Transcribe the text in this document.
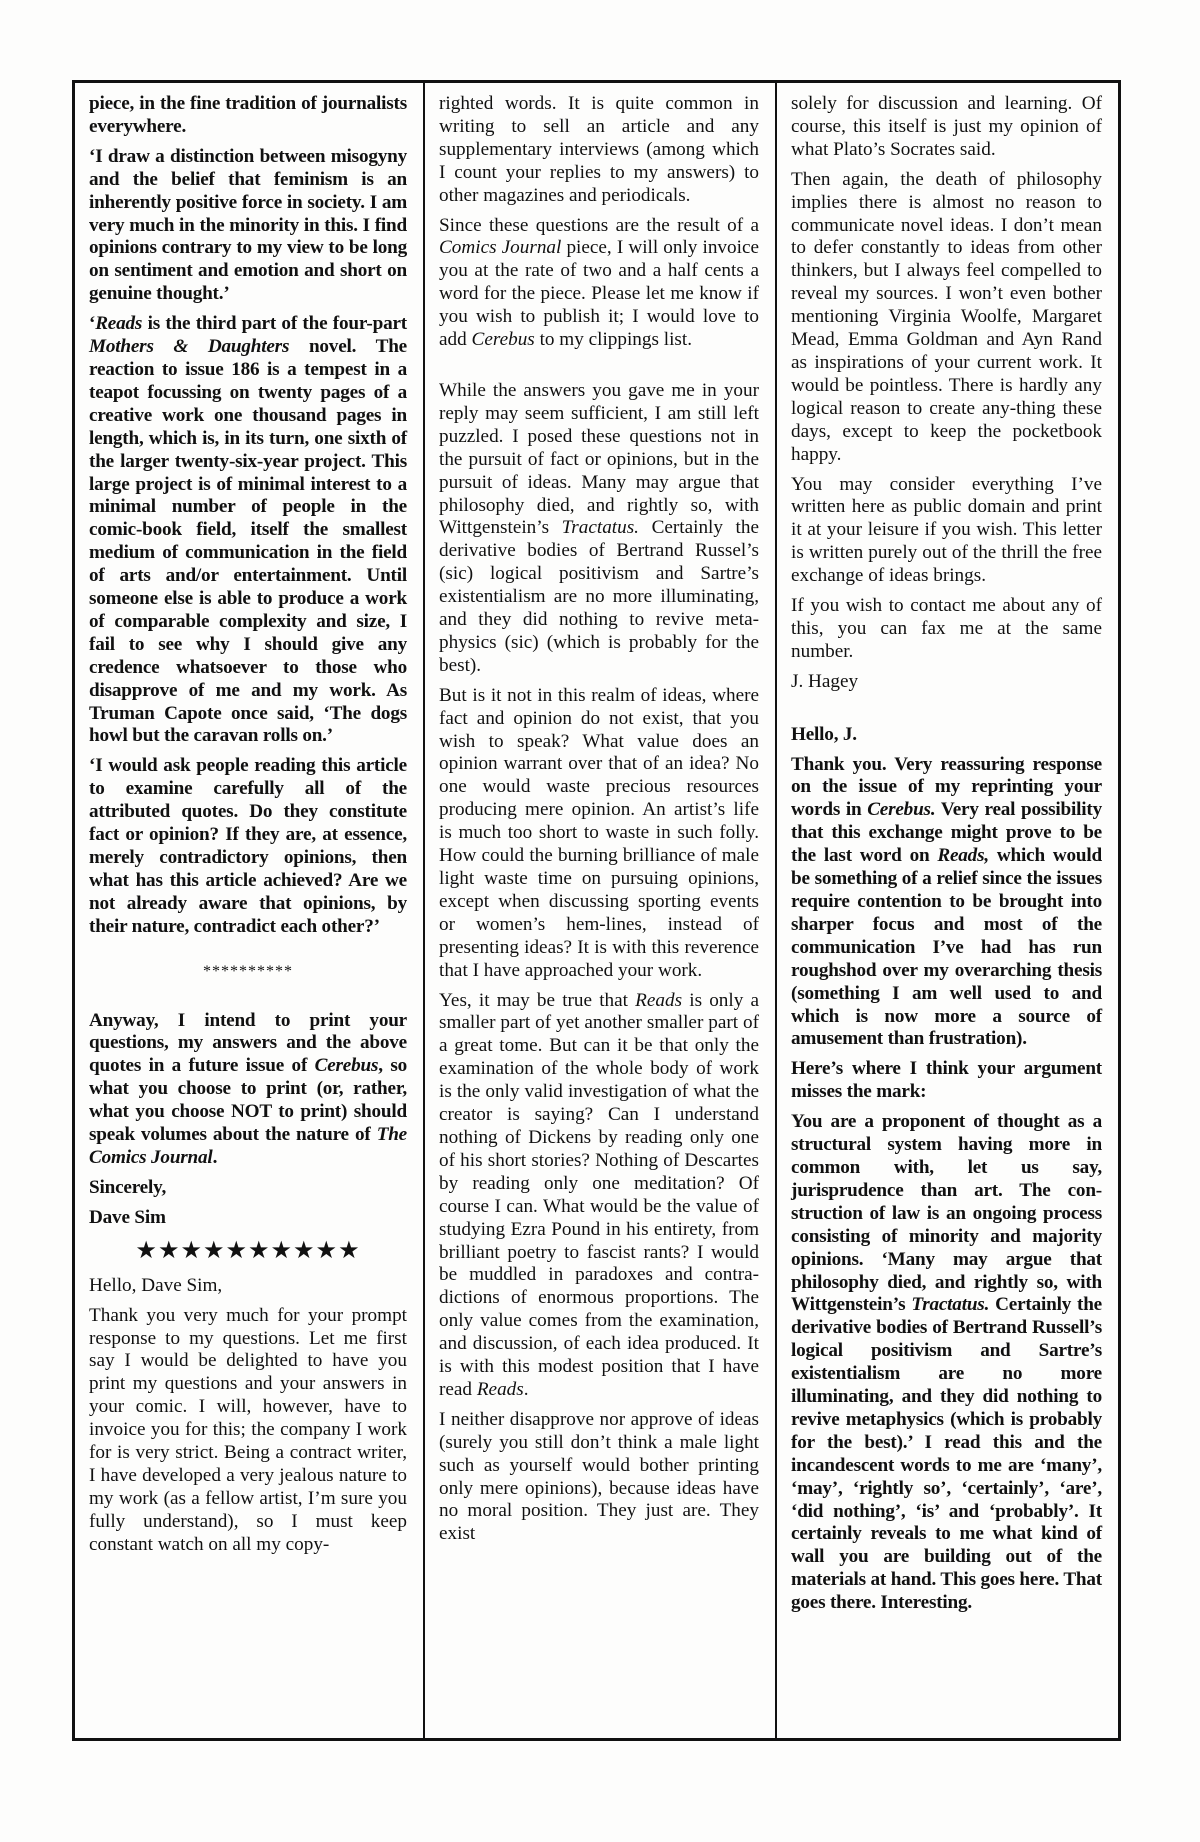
piece, in the fine tradition of journalists everywhere.

‘I draw a distinction between misogyny and the belief that feminism is an inherently positive force in society. I am very much in the minority in this. I find opinions contrary to my view to be long on sentiment and emotion and short on genuine thought.’

‘Reads is the third part of the four-part Mothers & Daughters novel. The reaction to issue 186 is a tempest in a teapot focussing on twenty pages of a creative work one thousand pages in length, which is, in its turn, one sixth of the larger twenty-six-year project. This large project is of minimal interest to a minimal number of people in the comic-book field, itself the smallest medium of communication in the field of arts and/or entertainment. Until someone else is able to produce a work of comparable complexity and size, I fail to see why I should give any credence whatsoever to those who disapprove of me and my work. As Truman Capote once said, ‘The dogs howl but the caravan rolls on.’

‘I would ask people reading this article to examine carefully all of the attributed quotes. Do they constitute fact or opinion? If they are, at essence, merely contradictory opinions, then what has this article achieved? Are we not already aware that opinions, by their nature, contradict each other?’

**********

Anyway, I intend to print your questions, my answers and the above quotes in a future issue of Cerebus, so what you choose to print (or, rather, what you choose NOT to print) should speak volumes about the nature of The Comics Journal.

Sincerely,

Dave Sim

★★★★★★★★★★

Hello, Dave Sim,

Thank you very much for your prompt response to my questions. Let me first say I would be delighted to have you print my questions and your answers in your comic. I will, however, have to invoice you for this; the company I work for is very strict. Being a contract writer, I have developed a very jealous nature to my work (as a fellow artist, I’m sure you fully understand), so I must keep constant watch on all my copy-

righted words. It is quite common in writing to sell an article and any supplementary interviews (among which I count your replies to my answers) to other magazines and periodicals.

Since these questions are the result of a Comics Journal piece, I will only invoice you at the rate of two and a half cents a word for the piece. Please let me know if you wish to publish it; I would love to add Cerebus to my clippings list.

While the answers you gave me in your reply may seem sufficient, I am still left puzzled. I posed these questions not in the pursuit of fact or opinions, but in the pursuit of ideas. Many may argue that philosophy died, and rightly so, with Wittgenstein’s Tractatus. Certainly the derivative bodies of Bertrand Russel’s (sic) logical positivism and Sartre’s existentialism are no more illuminating, and they did nothing to revive meta-physics (sic) (which is probably for the best).

But is it not in this realm of ideas, where fact and opinion do not exist, that you wish to speak? What value does an opinion warrant over that of an idea? No one would waste precious resources producing mere opinion. An artist’s life is much too short to waste in such folly. How could the burning brilliance of male light waste time on pursuing opinions, except when discussing sporting events or women’s hem-lines, instead of presenting ideas? It is with this reverence that I have approached your work.

Yes, it may be true that Reads is only a smaller part of yet another smaller part of a great tome. But can it be that only the examination of the whole body of work is the only valid investigation of what the creator is saying? Can I understand nothing of Dickens by reading only one of his short stories? Nothing of Descartes by reading only one meditation? Of course I can. What would be the value of studying Ezra Pound in his entirety, from brilliant poetry to fascist rants? I would be muddled in paradoxes and contra-dictions of enormous proportions. The only value comes from the examination, and discussion, of each idea produced. It is with this modest position that I have read Reads.

I neither disapprove nor approve of ideas (surely you still don’t think a male light such as yourself would bother printing only mere opinions), because ideas have no moral position. They just are. They exist

solely for discussion and learning. Of course, this itself is just my opinion of what Plato’s Socrates said.

Then again, the death of philosophy implies there is almost no reason to communicate novel ideas. I don’t mean to defer constantly to ideas from other thinkers, but I always feel compelled to reveal my sources. I won’t even bother mentioning Virginia Woolfe, Margaret Mead, Emma Goldman and Ayn Rand as inspirations of your current work. It would be pointless. There is hardly any logical reason to create any-thing these days, except to keep the pocketbook happy.

You may consider everything I’ve written here as public domain and print it at your leisure if you wish. This letter is written purely out of the thrill the free exchange of ideas brings.

If you wish to contact me about any of this, you can fax me at the same number.

J. Hagey

Hello, J.

Thank you. Very reassuring response on the issue of my reprinting your words in Cerebus. Very real possibility that this exchange might prove to be the last word on Reads, which would be something of a relief since the issues require contention to be brought into sharper focus and most of the communication I’ve had has run roughshod over my overarching thesis (something I am well used to and which is now more a source of amusement than frustration).

Here’s where I think your argument misses the mark:

You are a proponent of thought as a structural system having more in common with, let us say, jurisprudence than art. The con-struction of law is an ongoing process consisting of minority and majority opinions. ‘Many may argue that philosophy died, and rightly so, with Wittgenstein’s Tractatus. Certainly the derivative bodies of Bertrand Russell’s logical positivism and Sartre’s existentialism are no more illuminating, and they did nothing to revive metaphysics (which is probably for the best).’ I read this and the incandescent words to me are ‘many’, ‘may’, ‘rightly so’, ‘certainly’, ‘are’, ‘did nothing’, ‘is’ and ‘probably’. It certainly reveals to me what kind of wall you are building out of the materials at hand. This goes here. That goes there. Interesting.
